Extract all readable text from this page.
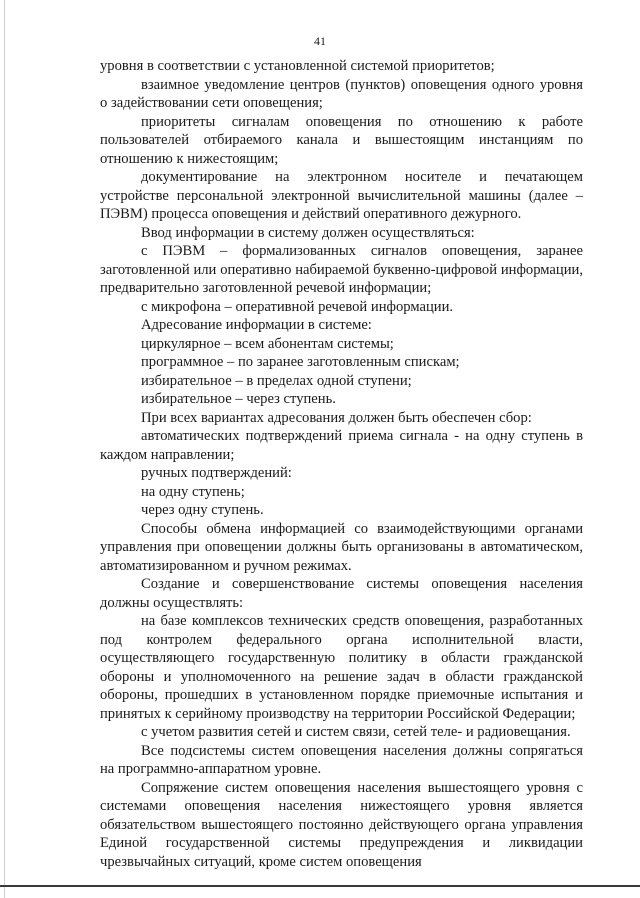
41

уровня в соответствии с установленной системой приоритетов;

взаимное уведомление центров (пунктов) оповещения одного уровня о задействовании сети оповещения;

приоритеты сигналам оповещения по отношению к работе пользователей отбираемого канала и вышестоящим инстанциям по отношению к нижестоящим;

документирование на электронном носителе и печатающем устройстве персональной электронной вычислительной машины (далее – ПЭВМ) процесса оповещения и действий оперативного дежурного.

Ввод информации в систему должен осуществляться:

с ПЭВМ – формализованных сигналов оповещения, заранее заготовленной или оперативно набираемой буквенно-цифровой информации, предварительно заготовленной речевой информации;

с микрофона – оперативной речевой информации.

Адресование информации в системе:

циркулярное – всем абонентам системы;

программное – по заранее заготовленным спискам;

избирательное – в пределах одной ступени;

избирательное – через ступень.

При всех вариантах адресования должен быть обеспечен сбор:

автоматических подтверждений приема сигнала - на одну ступень в каждом направлении;

ручных подтверждений:

на одну ступень;

через одну ступень.

Способы обмена информацией со взаимодействующими органами управления при оповещении должны быть организованы в автоматическом, автоматизированном и ручном режимах.

Создание и совершенствование системы оповещения населения должны осуществлять:

на базе комплексов технических средств оповещения, разработанных под контролем федерального органа исполнительной власти, осуществляющего государственную политику в области гражданской обороны и уполномоченного на решение задач в области гражданской обороны, прошедших в установленном порядке приемочные испытания и принятых к серийному производству на территории Российской Федерации;

с учетом развития сетей и систем связи, сетей теле- и радиовещания.

Все подсистемы систем оповещения населения должны сопрягаться на программно-аппаратном уровне.

Сопряжение систем оповещения населения вышестоящего уровня с системами оповещения населения нижестоящего уровня является обязательством вышестоящего постоянно действующего органа управления Единой государственной системы предупреждения и ликвидации чрезвычайных ситуаций, кроме систем оповещения
